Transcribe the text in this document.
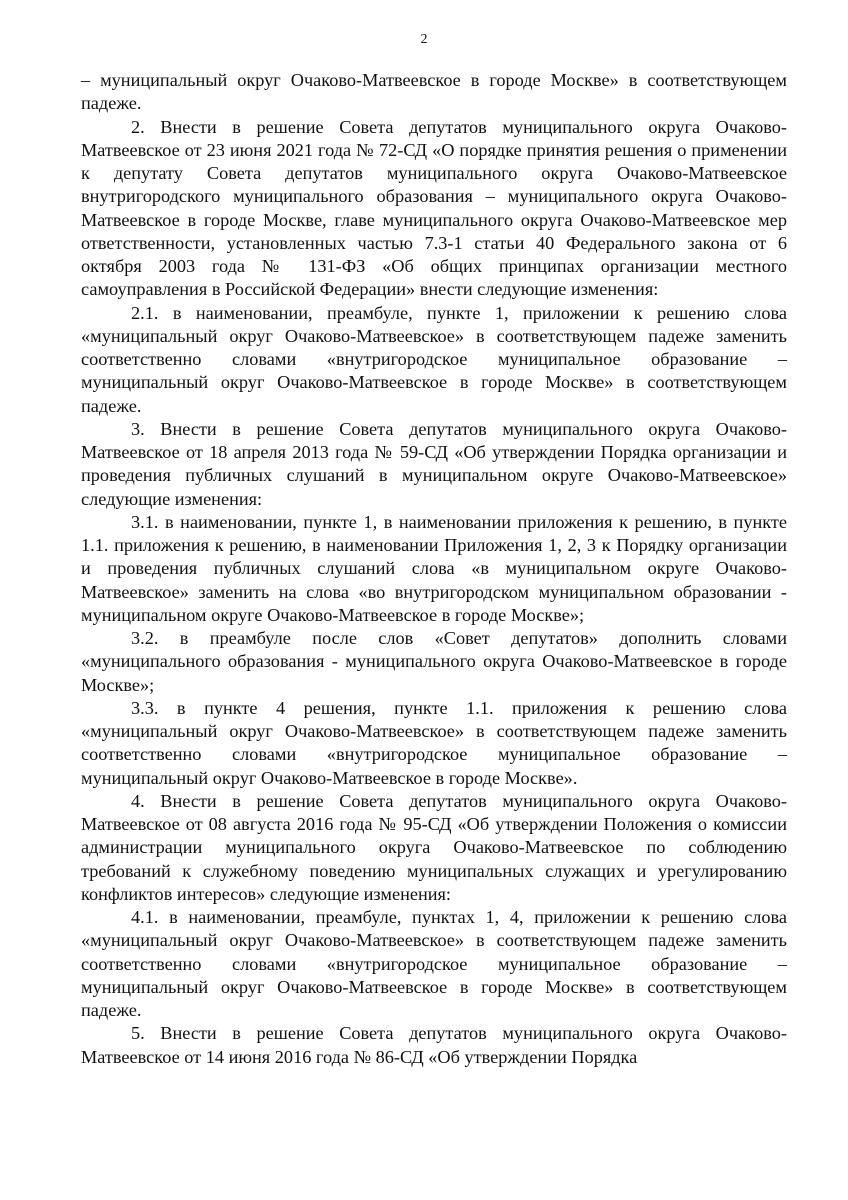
2

– муниципальный округ Очаково-Матвеевское в городе Москве» в соответствующем падеже.

2. Внести в решение Совета депутатов муниципального округа Очаково-Матвеевское от 23 июня 2021 года № 72-СД «О порядке принятия решения о применении к депутату Совета депутатов муниципального округа Очаково-Матвеевское внутригородского муниципального образования – муниципального округа Очаково-Матвеевское в городе Москве, главе муниципального округа Очаково-Матвеевское мер ответственности, установленных частью 7.3-1 статьи 40 Федерального закона от 6 октября 2003 года № 131-ФЗ «Об общих принципах организации местного самоуправления в Российской Федерации» внести следующие изменения:

2.1. в наименовании, преамбуле, пункте 1, приложении к решению слова «муниципальный округ Очаково-Матвеевское» в соответствующем падеже заменить соответственно словами «внутригородское муниципальное образование – муниципальный округ Очаково-Матвеевское в городе Москве» в соответствующем падеже.

3. Внести в решение Совета депутатов муниципального округа Очаково-Матвеевское от 18 апреля 2013 года № 59-СД «Об утверждении Порядка организации и проведения публичных слушаний в муниципальном округе Очаково-Матвеевское» следующие изменения:

3.1. в наименовании, пункте 1, в наименовании приложения к решению, в пункте 1.1. приложения к решению, в наименовании Приложения 1, 2, 3 к Порядку организации и проведения публичных слушаний слова «в муниципальном округе Очаково-Матвеевское» заменить на слова «во внутригородском муниципальном образовании - муниципальном округе Очаково-Матвеевское в городе Москве»;

3.2. в преамбуле после слов «Совет депутатов» дополнить словами «муниципального образования - муниципального округа Очаково-Матвеевское в городе Москве»;

3.3. в пункте 4 решения, пункте 1.1. приложения к решению слова «муниципальный округ Очаково-Матвеевское» в соответствующем падеже заменить соответственно словами «внутригородское муниципальное образование – муниципальный округ Очаково-Матвеевское в городе Москве».

4. Внести в решение Совета депутатов муниципального округа Очаково-Матвеевское от 08 августа 2016 года № 95-СД «Об утверждении Положения о комиссии администрации муниципального округа Очаково-Матвеевское по соблюдению требований к служебному поведению муниципальных служащих и урегулированию конфликтов интересов» следующие изменения:

4.1. в наименовании, преамбуле, пунктах 1, 4, приложении к решению слова «муниципальный округ Очаково-Матвеевское» в соответствующем падеже заменить соответственно словами «внутригородское муниципальное образование – муниципальный округ Очаково-Матвеевское в городе Москве» в соответствующем падеже.

5. Внести в решение Совета депутатов муниципального округа Очаково-Матвеевское от 14 июня 2016 года № 86-СД «Об утверждении Порядка
